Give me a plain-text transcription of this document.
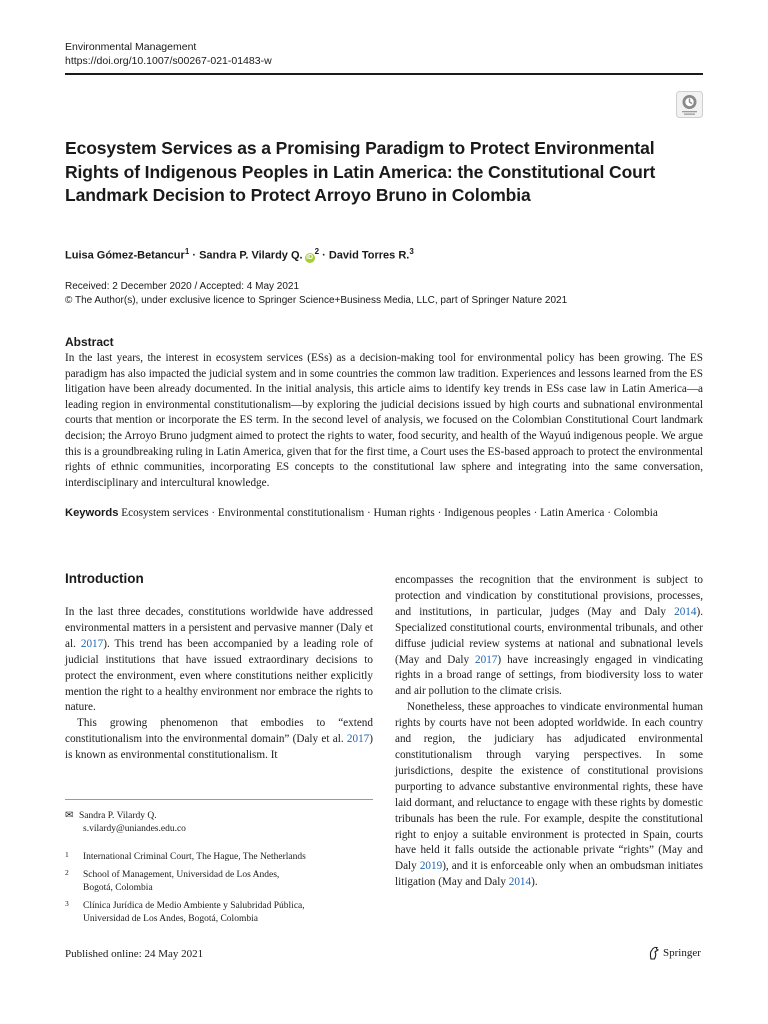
Environmental Management
https://doi.org/10.1007/s00267-021-01483-w
Ecosystem Services as a Promising Paradigm to Protect Environmental Rights of Indigenous Peoples in Latin America: the Constitutional Court Landmark Decision to Protect Arroyo Bruno in Colombia
Luisa Gómez-Betancur$^1$ · Sandra P. Vilardy Q. $iD^2$ · David Torres R.$^3$
Received: 2 December 2020 / Accepted: 4 May 2021
© The Author(s), under exclusive licence to Springer Science+Business Media, LLC, part of Springer Nature 2021
Abstract

In the last years, the interest in ecosystem services (ESs) as a decision-making tool for environmental policy has been growing. The ES paradigm has also impacted the judicial system and in some countries the common law tradition. Experiences and lessons learned from the ES litigation have been already documented. In the initial analysis, this article aims to identify key trends in ESs case law in Latin America—a leading region in environmental constitutionalism—by exploring the judicial decisions issued by high courts and subnational environmental courts that mention or incorporate the ES term. In the second level of analysis, we focused on the Colombian Constitutional Court landmark decision; the Arroyo Bruno judgment aimed to protect the rights to water, food security, and health of the Wayuú indigenous people. We argue this is a groundbreaking ruling in Latin America, given that for the first time, a Court uses the ES-based approach to protect the environmental rights of ethnic communities, incorporating ES concepts to the constitutional law sphere and integrating into the same conversation, interdisciplinary and intercultural knowledge.

Keywords Ecosystem services · Environmental constitutionalism · Human rights · Indigenous peoples · Latin America · Colombia

Introduction

In the last three decades, constitutions worldwide have addressed environmental matters in a persistent and pervasive manner (Daly et al. 2017). This trend has been accompanied by a leading role of judicial institutions that have issued extraordinary decisions to protect the environment, even where constitutions neither explicitly mention the right to a healthy environment nor embrace the rights to nature.

This growing phenomenon that embodies to “extend constitutionalism into the environmental domain” (Daly et al. 2017) is known as environmental constitutionalism. It

encompasses the recognition that the environment is subject to protection and vindication by constitutional provisions, processes, and institutions, in particular, judges (May and Daly 2014). Specialized constitutional courts, environmental tribunals, and other diffuse judicial review systems at national and subnational levels (May and Daly 2017) have increasingly engaged in vindicating rights in a broad range of settings, from biodiversity loss to water and air pollution to the climate crisis.

Nonetheless, these approaches to vindicate environmental human rights by courts have not been adopted worldwide. In each country and region, the judiciary has adjudicated environmental constitutionalism through varying perspectives. In some jurisdictions, despite the existence of constitutional provisions purporting to advance substantive environmental rights, these have laid dormant, and reluctance to engage with these rights by domestic tribunals has been the rule. For example, despite the constitutional right to enjoy a suitable environment is protected in Spain, courts have held it falls outside the actionable private “rights” (May and Daly 2019), and it is enforceable only when an ombudsman initiates litigation (May and Daly 2014).

✉ Sandra P. Vilardy Q.
s.vilardy@uniandes.edu.co
1	International Criminal Court, The Hague, The Netherlands
2	School of Management, Universidad de Los Andes,
Bogotá, Colombia
3	Clínica Jurídica de Medio Ambiente y Salubridad Pública,
Universidad de Los Andes, Bogotá, Colombia
Published online: 24 May 2021	Springer
